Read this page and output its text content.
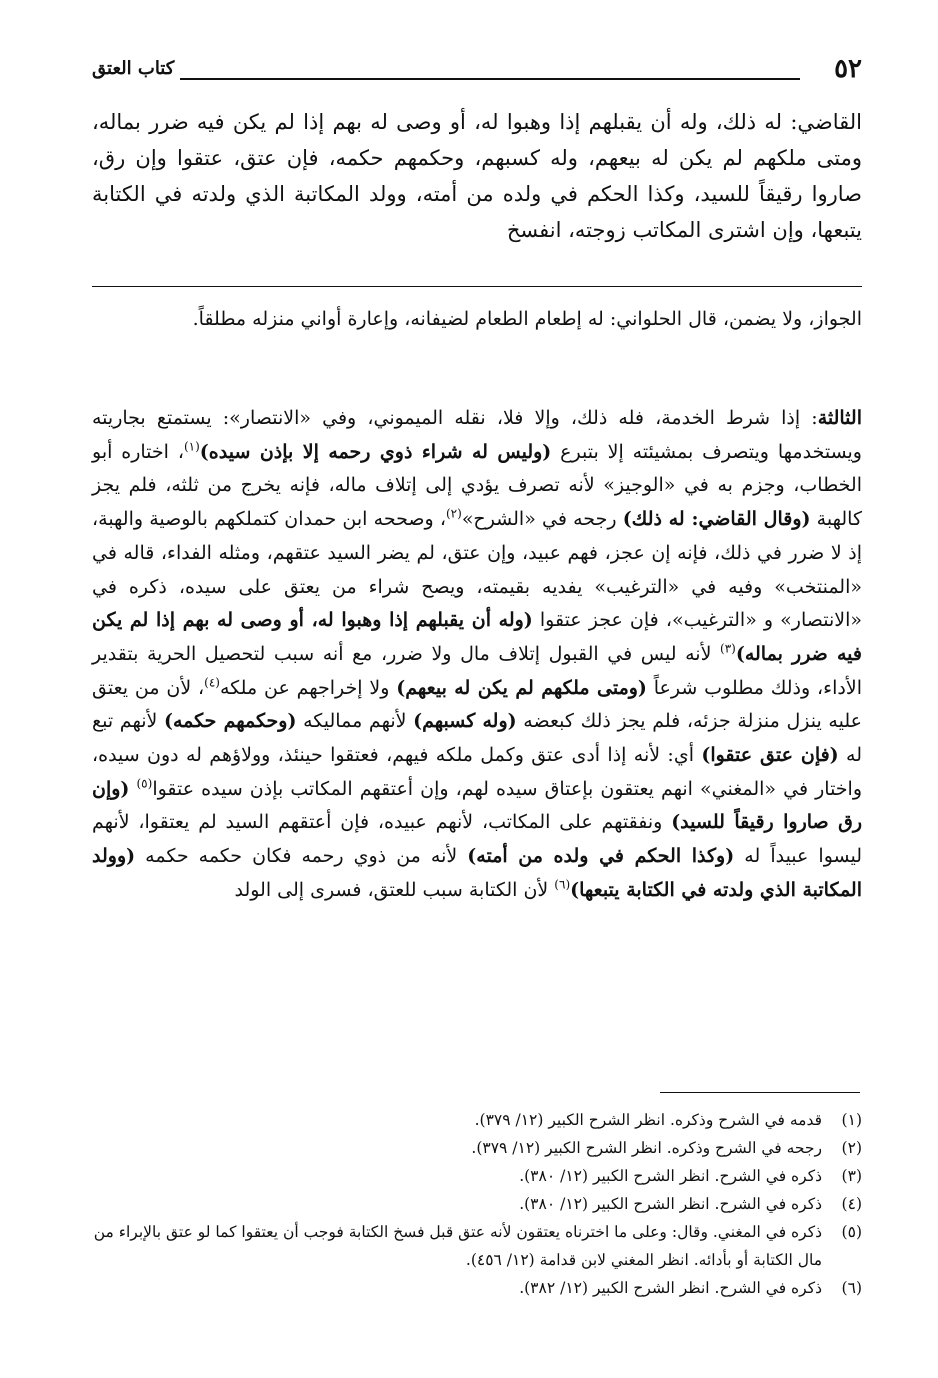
٥٢
كتاب العتق
القاضي: له ذلك، وله أن يقبلهم إذا وهبوا له، أو وصى له بهم إذا لم يكن فيه ضرر بماله، ومتى ملكهم لم يكن له بيعهم، وله كسبهم، وحكمهم حكمه، فإن عتق، عتقوا وإن رق، صاروا رقيقاً للسيد، وكذا الحكم في ولده من أمته، وولد المكاتبة الذي ولدته في الكتابة يتبعها، وإن اشترى المكاتب زوجته، انفسخ
الجواز، ولا يضمن، قال الحلواني: له إطعام الطعام لضيفانه، وإعارة أواني منزله مطلقاً.

الثالثة: إذا شرط الخدمة، فله ذلك، وإلا فلا، نقله الميموني، وفي «الانتصار»: يستمتع بجاريته ويستخدمها ويتصرف بمشيئته إلا بتبرع (وليس له شراء ذوي رحمه إلا بإذن سيده)$^{(١)}$، اختاره أبو الخطاب، وجزم به في «الوجيز» لأنه تصرف يؤدي إلى إتلاف ماله، فإنه يخرج من ثلثه، فلم يجز كالهبة (وقال القاضي: له ذلك) رجحه في «الشرح»$^{(٢)}$، وصححه ابن حمدان كتملكهم بالوصية والهبة، إذ لا ضرر في ذلك، فإنه إن عجز، فهم عبيد، وإن عتق، لم يضر السيد عتقهم، ومثله الفداء، قاله في «المنتخب» وفيه في «الترغيب» يفديه بقيمته، ويصح شراء من يعتق على سيده، ذكره في «الانتصار» و «الترغيب»، فإن عجز عتقوا (وله أن يقبلهم إذا وهبوا له، أو وصى له بهم إذا لم يكن فيه ضرر بماله)$^{(٣)}$ لأنه ليس في القبول إتلاف مال ولا ضرر، مع أنه سبب لتحصيل الحرية بتقدير الأداء، وذلك مطلوب شرعاً (ومتى ملكهم لم يكن له بيعهم) ولا إخراجهم عن ملكه$^{(٤)}$، لأن من يعتق عليه ينزل منزلة جزئه، فلم يجز ذلك كبعضه (وله كسبهم) لأنهم مماليكه (وحكمهم حكمه) لأنهم تبع له (فإن عتق عتقوا) أي: لأنه إذا أدى عتق وكمل ملكه فيهم، فعتقوا حينئذ، وولاؤهم له دون سيده، واختار في «المغني» انهم يعتقون بإعتاق سيده لهم، وإن أعتقهم المكاتب بإذن سيده عتقوا$^{(٥)}$ (وإن رق صاروا رقيقاً للسيد) ونفقتهم على المكاتب، لأنهم عبيده، فإن أعتقهم السيد لم يعتقوا، لأنهم ليسوا عبيداً له (وكذا الحكم في ولده من أمته) لأنه من ذوي رحمه فكان حكمه حكمه (وولد المكاتبة الذي ولدته في الكتابة يتبعها)$^{(٦)}$ لأن الكتابة سبب للعتق، فسرى إلى الولد

(١)
قدمه في الشرح وذكره. انظر الشرح الكبير (١٢/ ٣٧٩).
(٢)
رجحه في الشرح وذكره. انظر الشرح الكبير (١٢/ ٣٧٩).
(٣)
ذكره في الشرح. انظر الشرح الكبير (١٢/ ٣٨٠).
(٤)
ذكره في الشرح. انظر الشرح الكبير (١٢/ ٣٨٠).
(٥)
ذكره في المغني. وقال: وعلى ما اخترناه يعتقون لأنه عتق قبل فسخ الكتابة فوجب أن يعتقوا كما لو عتق بالإبراء من مال الكتابة أو بأدائه. انظر المغني لابن قدامة (١٢/ ٤٥٦).
(٦)
ذكره في الشرح. انظر الشرح الكبير (١٢/ ٣٨٢).
